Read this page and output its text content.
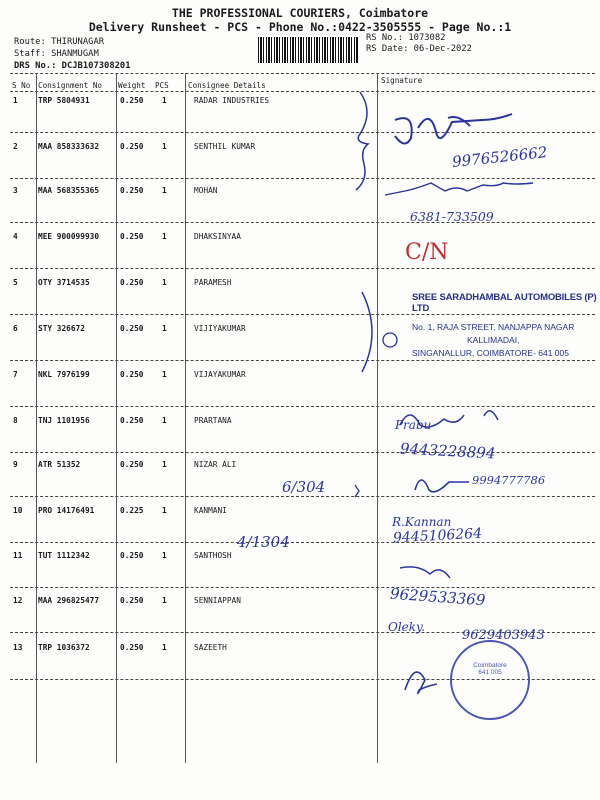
THE PROFESSIONAL COURIERS, Coimbatore
Delivery Runsheet - PCS - Phone No.:0422-3505555 - Page No.:1
Route: THIRUNAGAR
Staff: SHANMUGAM
DRS No.: DCJB107308201
RS No.: 1073082
RS Date: 06-Dec-2022
S No Consignment No Weight PCS	Consignee Details
Signature
1	TRP 5804931	0.250 1	RADAR INDUSTRIES
2	MAA 858333632	0.250 1	SENTHIL KUMAR
3	MAA 568355365	0.250 1	MOHAN
4	MEE 900099930	0.250 1	DHAKSINYAA
5	OTY 3714535	0.250 1	PARAMESH
6	STY 326672	0.250 1	VIJIYAKUMAR
7	NKL 7976199	0.250 1	VIJAYAKUMAR
8	TNJ 1101956	0.250 1	PRARTANA
9	ATR 51352	0.250 1	NIZAR ALI
10 PRO 14176491	0.225 1	KANMANI
11 TUT 1112342	0.250 1	SANTHOSH
12 MAA 296825477	0.250 1	SENNIAPPAN
13 TRP 1036372	0.250 1	SAZEETH
SREE SARADHAMBAL AUTOMOBILES (P) LTD
No. 1, RAJA STREET, NANJAPPA NAGAR
KALLIMADAI,
SINGANALLUR, COIMBATORE- 641 005
9976526662
6381-733509
C/N
Prabu
9443228894
6/304	9994777786
R.Kannan
9445106264
4/1304
9629533369
Oleky.
9629403943
Coimbatore
641 005
